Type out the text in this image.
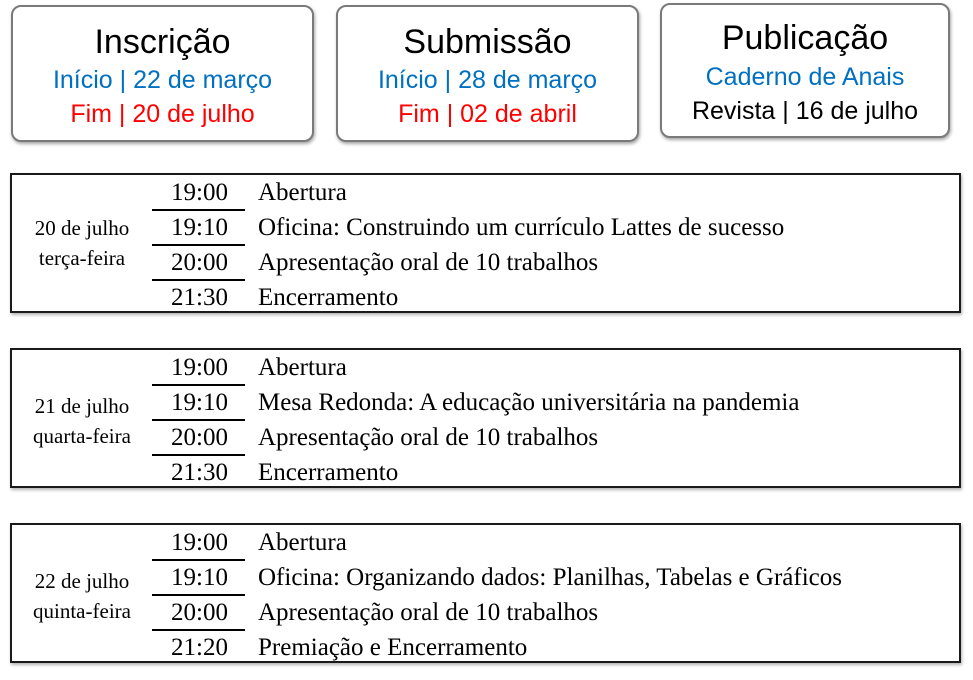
Inscrição
Início | 22 de março
Fim | 20 de julho
Submissão
Início | 28 de março
Fim | 02 de abril
Publicação
Caderno de Anais
Revista | 16 de julho
20 de julho
terça-feira
19:00	Abertura
19:10	Oficina: Construindo um currículo Lattes de sucesso
20:00	Apresentação oral de 10 trabalhos
21:30	Encerramento
21 de julho
quarta-feira
19:00	Abertura
19:10	Mesa Redonda: A educação universitária na pandemia
20:00	Apresentação oral de 10 trabalhos
21:30	Encerramento
22 de julho
quinta-feira
19:00	Abertura
19:10	Oficina: Organizando dados: Planilhas, Tabelas e Gráficos
20:00	Apresentação oral de 10 trabalhos
21:20	Premiação e Encerramento
